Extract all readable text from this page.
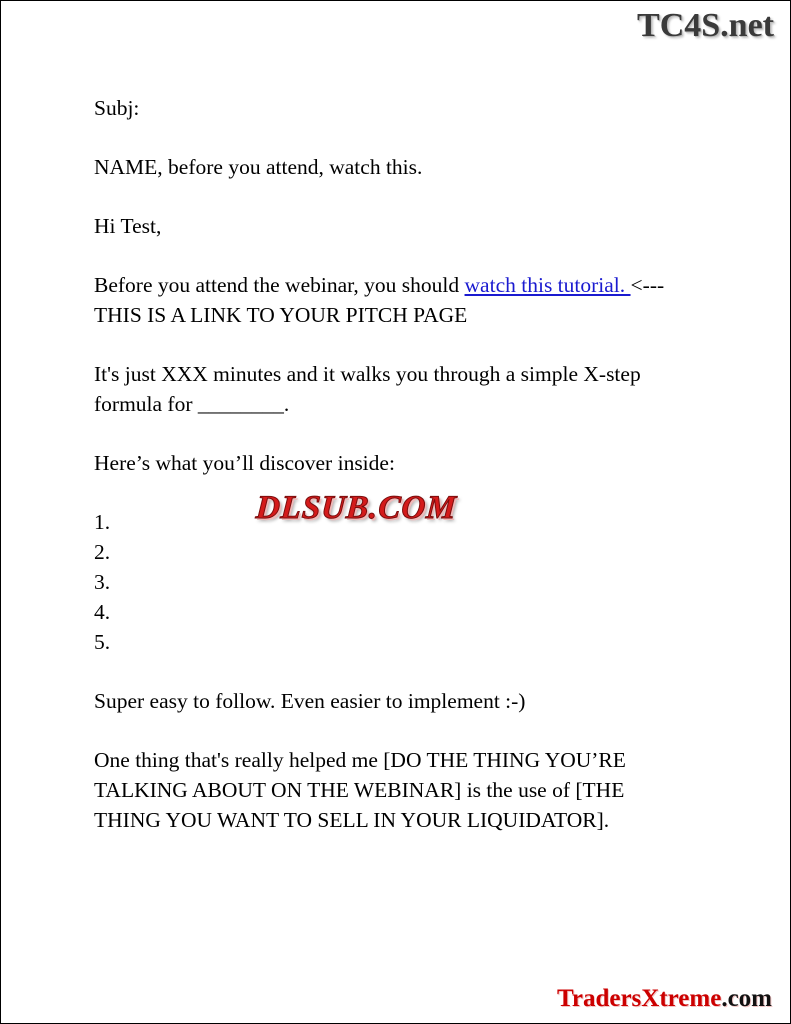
TC4S.net

Subj:

NAME, before you attend, watch this.

Hi Test,

Before you attend the webinar, you should watch this tutorial. <--- THIS IS A LINK TO YOUR PITCH PAGE

It's just XXX minutes and it walks you through a simple X-step formula for ________.

Here’s what you’ll discover inside:

1.

2.

3.

4.

5.

Super easy to follow. Even easier to implement :-)

One thing that's really helped me [DO THE THING YOU’RE TALKING ABOUT ON THE WEBINAR] is the use of [THE THING YOU WANT TO SELL IN YOUR LIQUIDATOR].

DLSUB.COM
TradersXtreme.com
